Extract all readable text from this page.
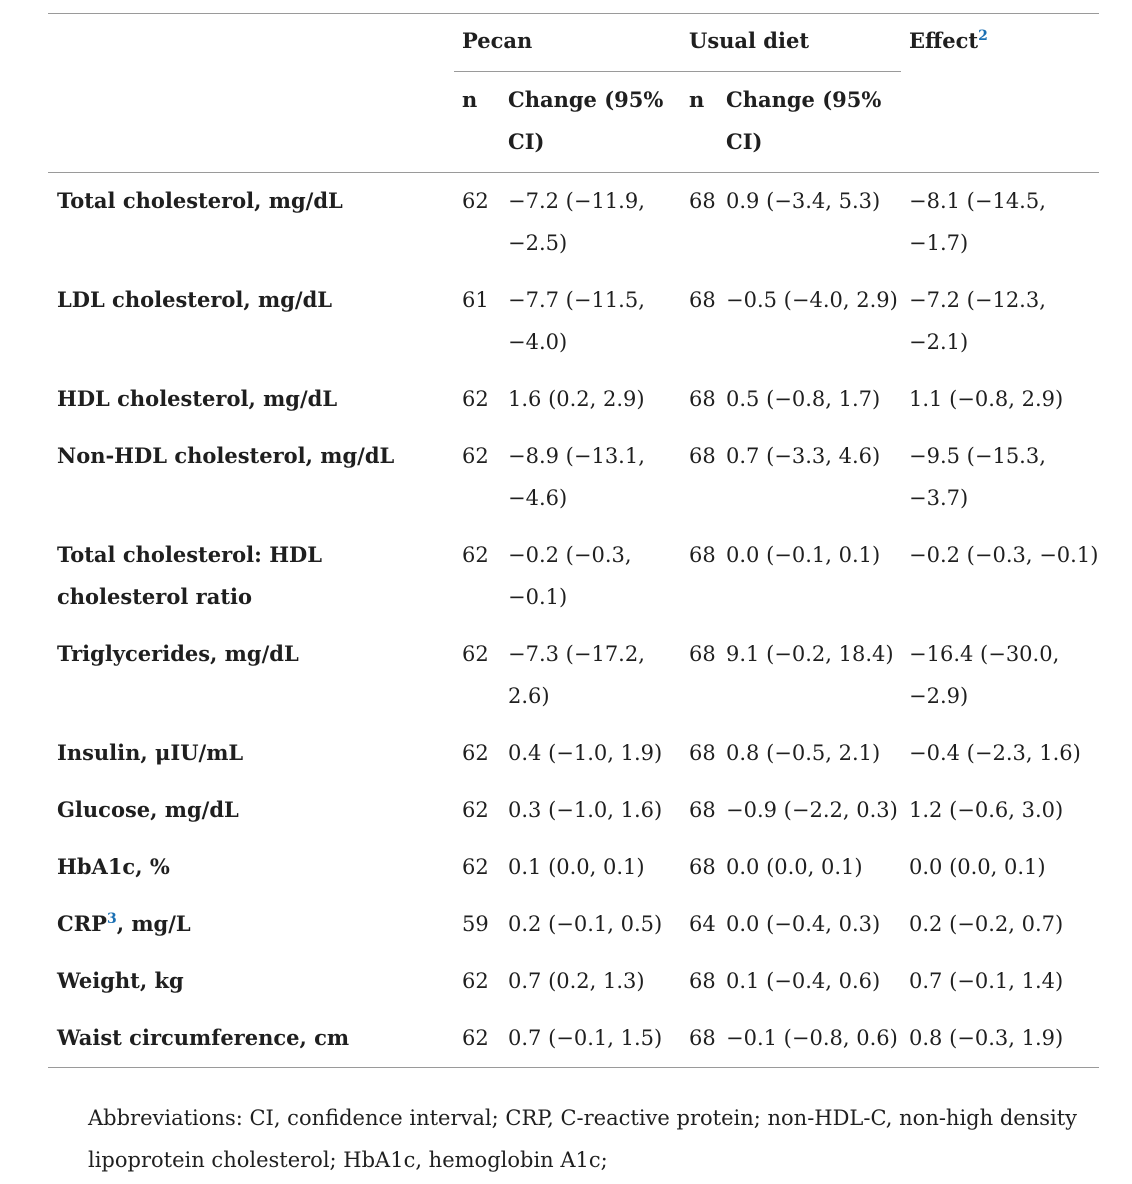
	Pecan		Usual diet		Effect$^2$
	n	Change (95% CI)	n	Change (95% CI)	
Total cholesterol, mg/dL	62	−7.2 (−11.9, −2.5)	68	0.9 (−3.4, 5.3)	−8.1 (−14.5, −1.7)
LDL cholesterol, mg/dL	61	−7.7 (−11.5, −4.0)	68	−0.5 (−4.0, 2.9)	−7.2 (−12.3, −2.1)
HDL cholesterol, mg/dL	62	1.6 (0.2, 2.9)	68	0.5 (−0.8, 1.7)	1.1 (−0.8, 2.9)
Non-HDL cholesterol, mg/dL	62	−8.9 (−13.1, −4.6)	68	0.7 (−3.3, 4.6)	−9.5 (−15.3, −3.7)
Total cholesterol: HDL cholesterol ratio	62	−0.2 (−0.3, −0.1)	68	0.0 (−0.1, 0.1)	−0.2 (−0.3, −0.1)
Triglycerides, mg/dL	62	−7.3 (−17.2, 2.6)	68	9.1 (−0.2, 18.4)	−16.4 (−30.0, −2.9)
Insulin, μIU/mL	62	0.4 (−1.0, 1.9)	68	0.8 (−0.5, 2.1)	−0.4 (−2.3, 1.6)
Glucose, mg/dL	62	0.3 (−1.0, 1.6)	68	−0.9 (−2.2, 0.3)	1.2 (−0.6, 3.0)
HbA1c, %	62	0.1 (0.0, 0.1)	68	0.0 (0.0, 0.1)	0.0 (0.0, 0.1)
CRP$^3$, mg/L	59	0.2 (−0.1, 0.5)	64	0.0 (−0.4, 0.3)	0.2 (−0.2, 0.7)
Weight, kg	62	0.7 (0.2, 1.3)	68	0.1 (−0.4, 0.6)	0.7 (−0.1, 1.4)
Waist circumference, cm	62	0.7 (−0.1, 1.5)	68	−0.1 (−0.8, 0.6)	0.8 (−0.3, 1.9)
Abbreviations: CI, confidence interval; CRP, C-reactive protein; non-HDL-C, non-high density lipoprotein cholesterol; HbA1c, hemoglobin A1c;
